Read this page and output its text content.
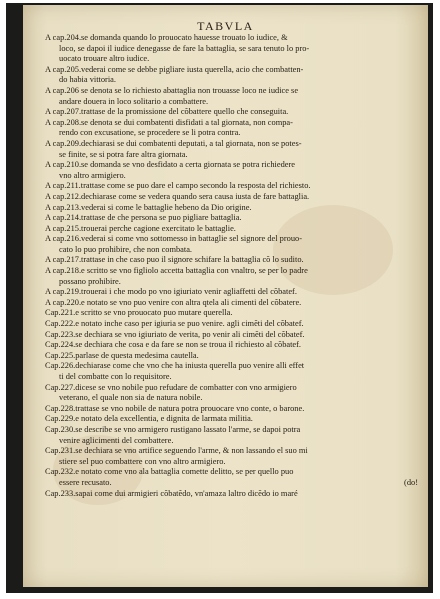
TABVLA
A cap.204.se domanda quando lo prouocato hauesse trouato lo iudice, &
loco, se dapoi il iudice denegasse de fare la battaglia, se sara tenuto lo pro-
uocato trouare altro iudice.
A cap.205.vederai come se debbe pigliare iusta querella, acio che combatten-
do habia vittoria.
A cap.206 se denota se lo richiesto abattaglia non trouasse loco ne iudice se
andare douera in loco solitario a combattere.
A cap.207.trattase de la promissione del cõbattere quello che conseguita.
A cap.208.se denota se dui combatenti disfidati a tal giornata, non compa-
rendo con excusatione, se procedere se li potra contra.
A cap.209.dechiarasi se dui combatenti deputati, a tal giornata, non se potes-
se finite, se si potra fare altra giornata.
A cap.210.se domanda se vno desfidato a certa giornata se potra richiedere
vno altro armigiero.
A cap.211.trattase come se puo dare el campo secondo la resposta del richiesto.
A cap.212.dechiarase come se vedera quando sera causa iusta de fare battaglia.
A cap.213.vederai si come le battaglie hebeno da Dio origine.
A cap.214.trattase de che persona se puo pigliare battaglia.
A cap.215.trouerai perche cagione exercitato le battaglie.
A cap.216.vederai si come vno sottomesso in battaglie sel signore del prouo-
cato lo puo prohibire, che non combata.
A cap.217.trattase in che caso puo il signore schifare la battaglia cõ lo sudito.
A cap.218.e scritto se vno figliolo accetta battaglia con vnaltro, se per lo padre
possano prohibire.
A cap.219.trouerai i che modo po vno igiuriato venir agliaffetti del cõbatef.
A cap.220.e notato se vno puo venire con altra qtela ali cimenti del cõbatere.
Cap.221.e scritto se vno prouocato puo mutare querella.
Cap.222.e notato inche caso per igiuria se puo venire. agli cimẽti del cõbatef.
Cap.223.se dechiara se vno igiuriato de verita, po venir ali cimẽti del cõbatef.
Cap.224.se dechiara che cosa e da fare se non se troua il richiesto al cõbatef.
Cap.225.parlase de questa medesima cautella.
Cap.226.dechiarase come che vno che ha iniusta querella puo venire alli effet
ti del combatte con lo requisitore.
Cap.227.dicese se vno nobile puo refudare de combatter con vno armigiero
veterano, el quale non sia de natura nobile.
Cap.228.trattase se vno nobile de natura potra prouocare vno conte, o barone.
Cap.229.e notato dela excellentia, e dignita de larmata militia.
Cap.230.se describe se vno armigero rustigano lassato l'arme, se dapoi potra
venire aglicimenti del combattere.
Cap.231.se dechiara se vno artifice seguendo l'arme, & non lassando el suo mi
stiere sel puo combattere con vno altro armigiero.
Cap.232.e notato come vno ala battaglia comette delitto, se per quello puo
essere recusato.	(do!
Cap.233.sapai come dui armigieri cõbatẽdo, vn'amaza laltro dicẽdo io maré
